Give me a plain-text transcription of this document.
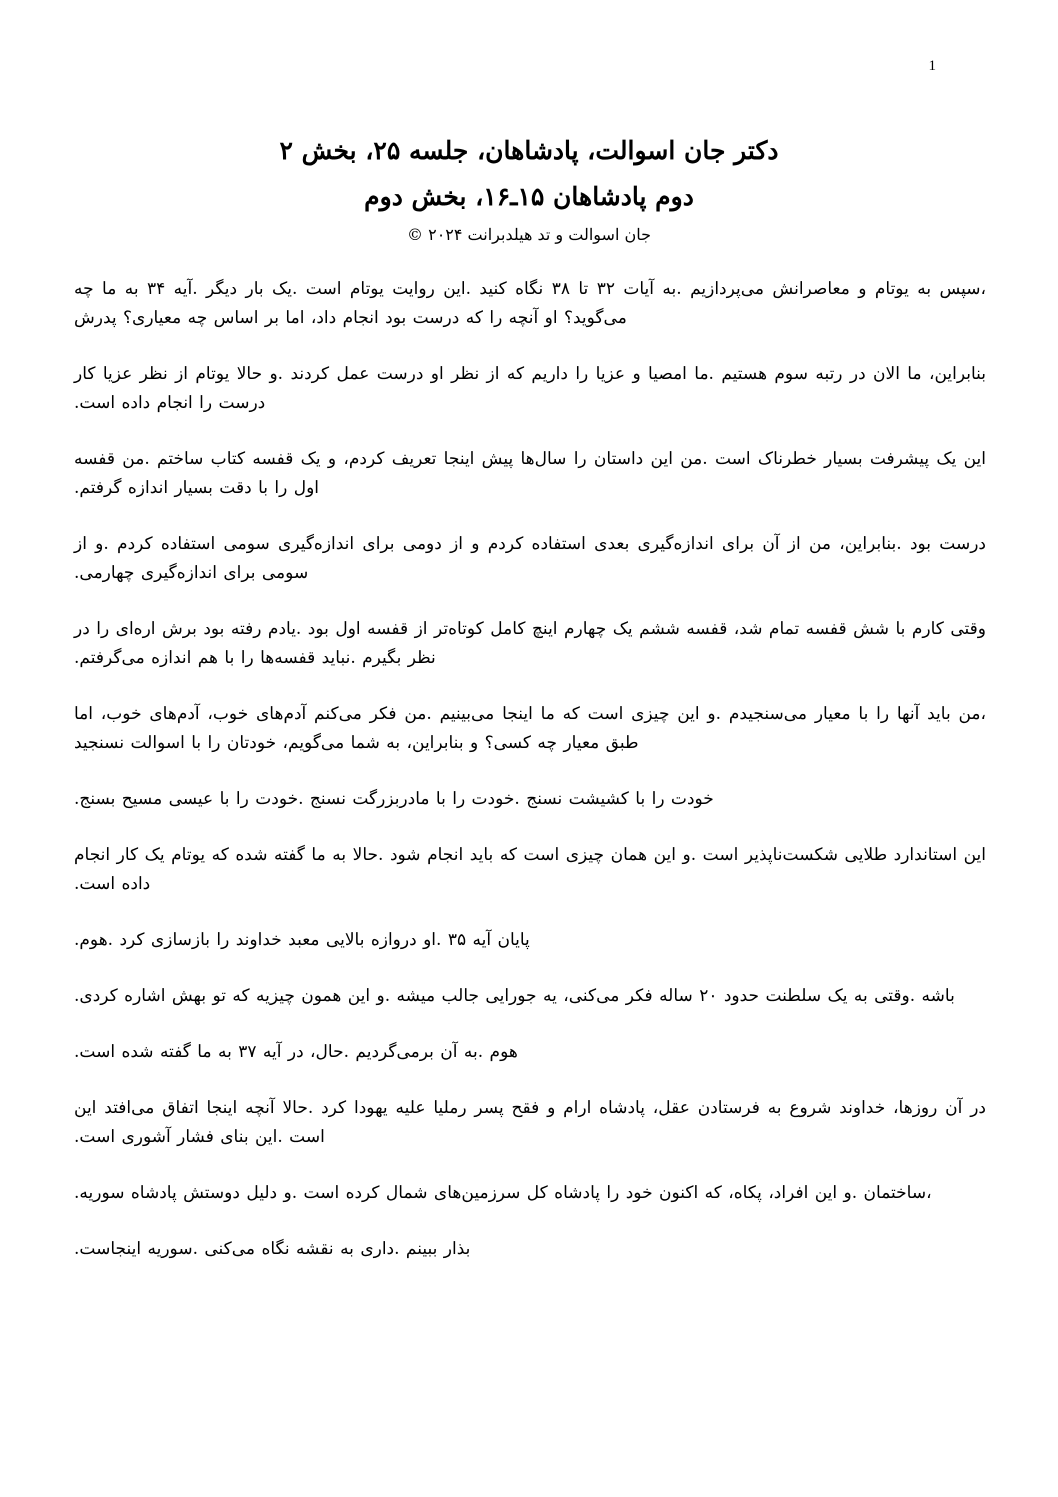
1

دکتر جان اسوالت، پادشاهان، جلسه ۲۵، بخش ۲

دوم پادشاهان ۱۵ـ۱۶، بخش دوم

جان اسوالت و تد هیلدبرانت ۲۰۲۴ ©

،سپس به یوتام و معاصرانش می‌پردازیم .به آیات ۳۲ تا ۳۸ نگاه کنید .این روایت یوتام است .یک بار دیگر .آیه ۳۴ به ما چه می‌گوید؟ او آنچه را که درست بود انجام داد، اما بر اساس چه معیاری؟ پدرش

بنابراین، ما الان در رتبه سوم هستیم .ما امصیا و عزیا را داریم که از نظر او درست عمل کردند .و حالا یوتام از نظر عزیا کار درست را انجام داده است.

این یک پیشرفت بسیار خطرناک است .من این داستان را سال‌ها پیش اینجا تعریف کردم، و یک قفسه کتاب ساختم .من قفسه اول را با دقت بسیار اندازه گرفتم.

درست بود .بنابراین، من از آن برای اندازه‌گیری بعدی استفاده کردم و از دومی برای اندازه‌گیری سومی استفاده کردم .و از سومی برای اندازه‌گیری چهارمی.

وقتی کارم با شش قفسه تمام شد، قفسه ششم یک چهارم اینچ کامل کوتاه‌تر از قفسه اول بود .یادم رفته بود برش اره‌ای را در نظر بگیرم .نباید قفسه‌ها را با هم اندازه می‌گرفتم.

،من باید آنها را با معیار می‌سنجیدم .و این چیزی است که ما اینجا می‌بینیم .من فکر می‌کنم آدم‌های خوب، آدم‌های خوب، اما طبق معیار چه کسی؟ و بنابراین، به شما می‌گویم، خودتان را با اسوالت نسنجید

خودت را با کشیشت نسنج .خودت را با مادربزرگت نسنج .خودت را با عیسی مسیح بسنج.

این استاندارد طلایی شکست‌ناپذیر است .و این همان چیزی است که باید انجام شود .حالا به ما گفته شده که یوتام یک کار انجام داده است.

پایان آیه ۳۵ .او دروازه بالایی معبد خداوند را بازسازی کرد .هوم.

باشه .وقتی به یک سلطنت حدود ۲۰ ساله فکر می‌کنی، یه جورایی جالب میشه .و این همون چیزیه که تو بهش اشاره کردی.

هوم .به آن برمی‌گردیم .حال، در آیه ۳۷ به ما گفته شده است.

در آن روزها، خداوند شروع به فرستادن عقل، پادشاه ارام و فقح پسر رملیا علیه یهودا کرد .حالا آنچه اینجا اتفاق می‌افتد این است .این بنای فشار آشوری است.

،ساختمان .و این افراد، پکاه، که اکنون خود را پادشاه کل سرزمین‌های شمال کرده است .و دلیل دوستش پادشاه سوریه.

بذار ببینم .داری به نقشه نگاه می‌کنی .سوریه اینجاست.
